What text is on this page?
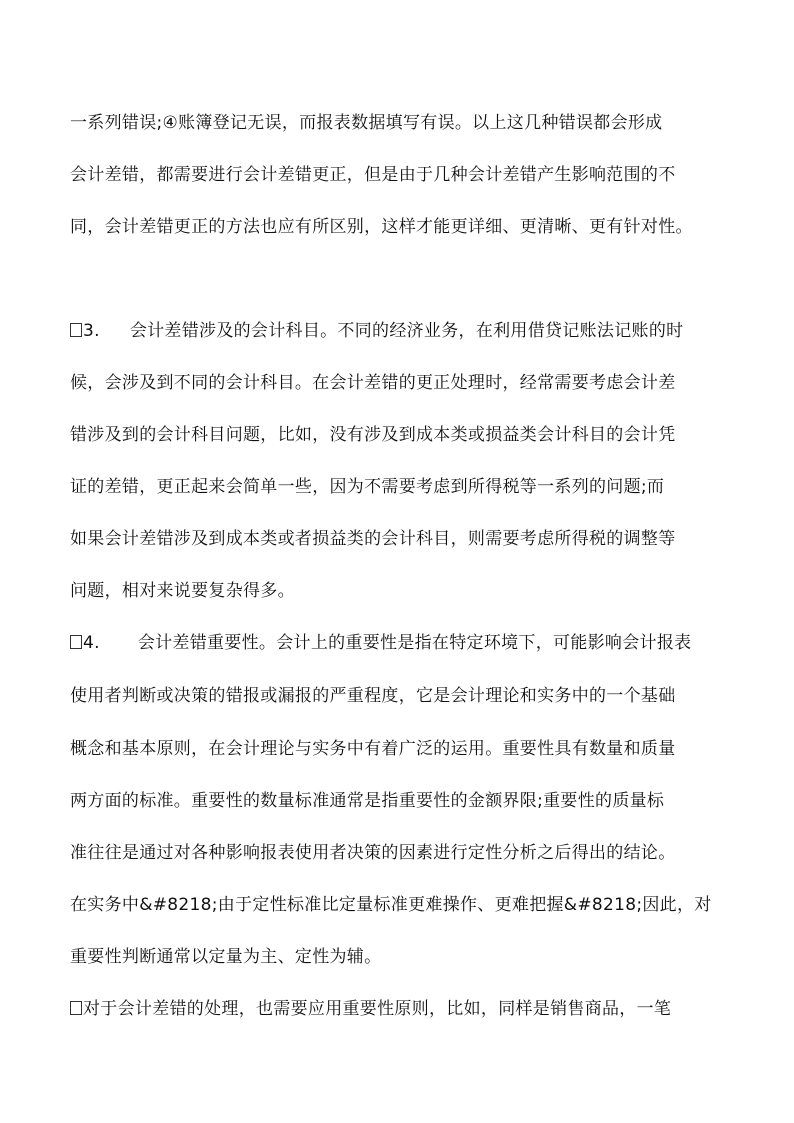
一系列错误;④账簿登记无误，而报表数据填写有误。以上这几种错误都会形成
会计差错，都需要进行会计差错更正，但是由于几种会计差错产生影响范围的不
同，会计差错更正的方法也应有所区别，这样才能更详细、更清晰、更有针对性。
3. 会计差错涉及的会计科目。不同的经济业务，在利用借贷记账法记账的时
候，会涉及到不同的会计科目。在会计差错的更正处理时，经常需要考虑会计差
错涉及到的会计科目问题，比如，没有涉及到成本类或损益类会计科目的会计凭
证的差错，更正起来会简单一些，因为不需要考虑到所得税等一系列的问题;而
如果会计差错涉及到成本类或者损益类的会计科目，则需要考虑所得税的调整等
问题，相对来说要复杂得多。
4. 会计差错重要性。会计上的重要性是指在特定环境下，可能影响会计报表
使用者判断或决策的错报或漏报的严重程度，它是会计理论和实务中的一个基础
概念和基本原则，在会计理论与实务中有着广泛的运用。重要性具有数量和质量
两方面的标准。重要性的数量标准通常是指重要性的金额界限;重要性的质量标
准往往是通过对各种影响报表使用者决策的因素进行定性分析之后得出的结论。
在实务中&#8218;由于定性标准比定量标准更难操作、更难把握&#8218;因此，对
重要性判断通常以定量为主、定性为辅。
对于会计差错的处理，也需要应用重要性原则，比如，同样是销售商品，一笔
